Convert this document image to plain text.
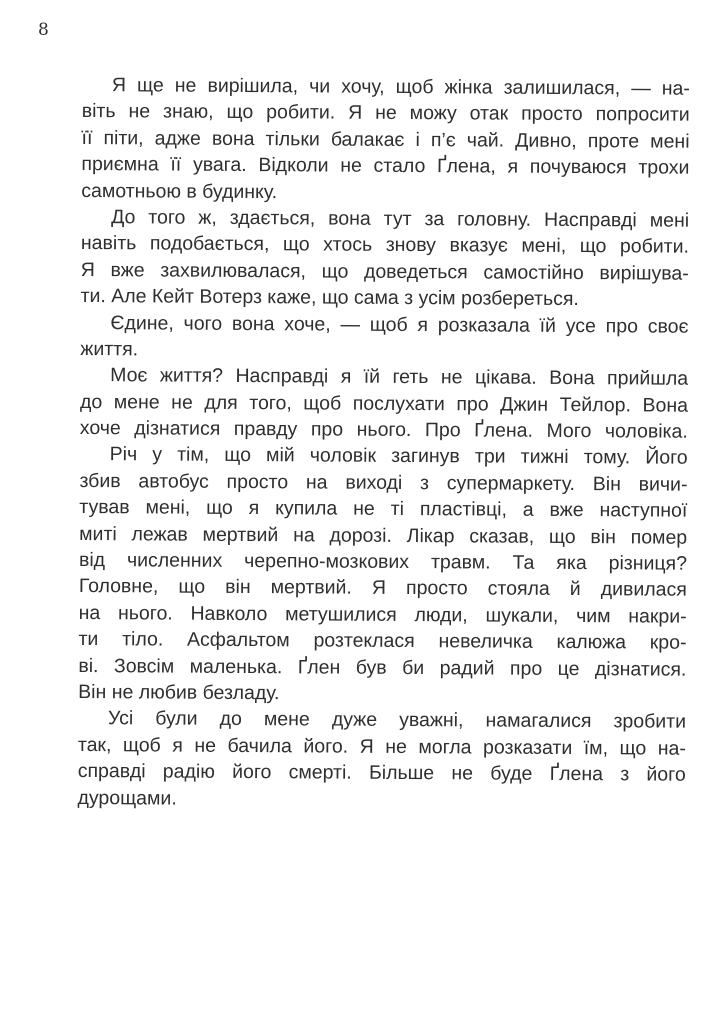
8
Я ще не вирішила, чи хочу, щоб жінка залишилася, — на-
віть не знаю, що робити. Я не можу отак просто попросити
її піти, адже вона тільки балакає і п’є чай. Дивно, проте мені
приємна її увага. Відколи не стало Ґлена, я почуваюся трохи
самотньою в будинку.
До того ж, здається, вона тут за головну. Насправді мені
навіть подобається, що хтось знову вказує мені, що робити.
Я вже захвилювалася, що доведеться самостійно вирішува-
ти. Але Кейт Вотерз каже, що сама з усім розбереться.
Єдине, чого вона хоче, — щоб я розказала їй усе про своє
життя.
Моє життя? Насправді я їй геть не цікава. Вона прийшла
до мене не для того, щоб послухати про Джин Тейлор. Вона
хоче дізнатися правду про нього. Про Ґлена. Мого чоловіка.
Річ у тім, що мій чоловік загинув три тижні тому. Його
збив автобус просто на виході з супермаркету. Він вичи-
тував мені, що я купила не ті пластівці, а вже наступної
миті лежав мертвий на дорозі. Лікар сказав, що він помер
від численних черепно-мозкових травм. Та яка різниця?
Головне, що він мертвий. Я просто стояла й дивилася
на нього. Навколо метушилися люди, шукали, чим накри-
ти тіло. Асфальтом розтеклася невеличка калюжа кро-
ві. Зовсім маленька. Ґлен був би радий про це дізнатися.
Він не любив безладу.
Усі були до мене дуже уважні, намагалися зробити
так, щоб я не бачила його. Я не могла розказати їм, що на-
справді радію його смерті. Більше не буде Ґлена з його
дурощами.
